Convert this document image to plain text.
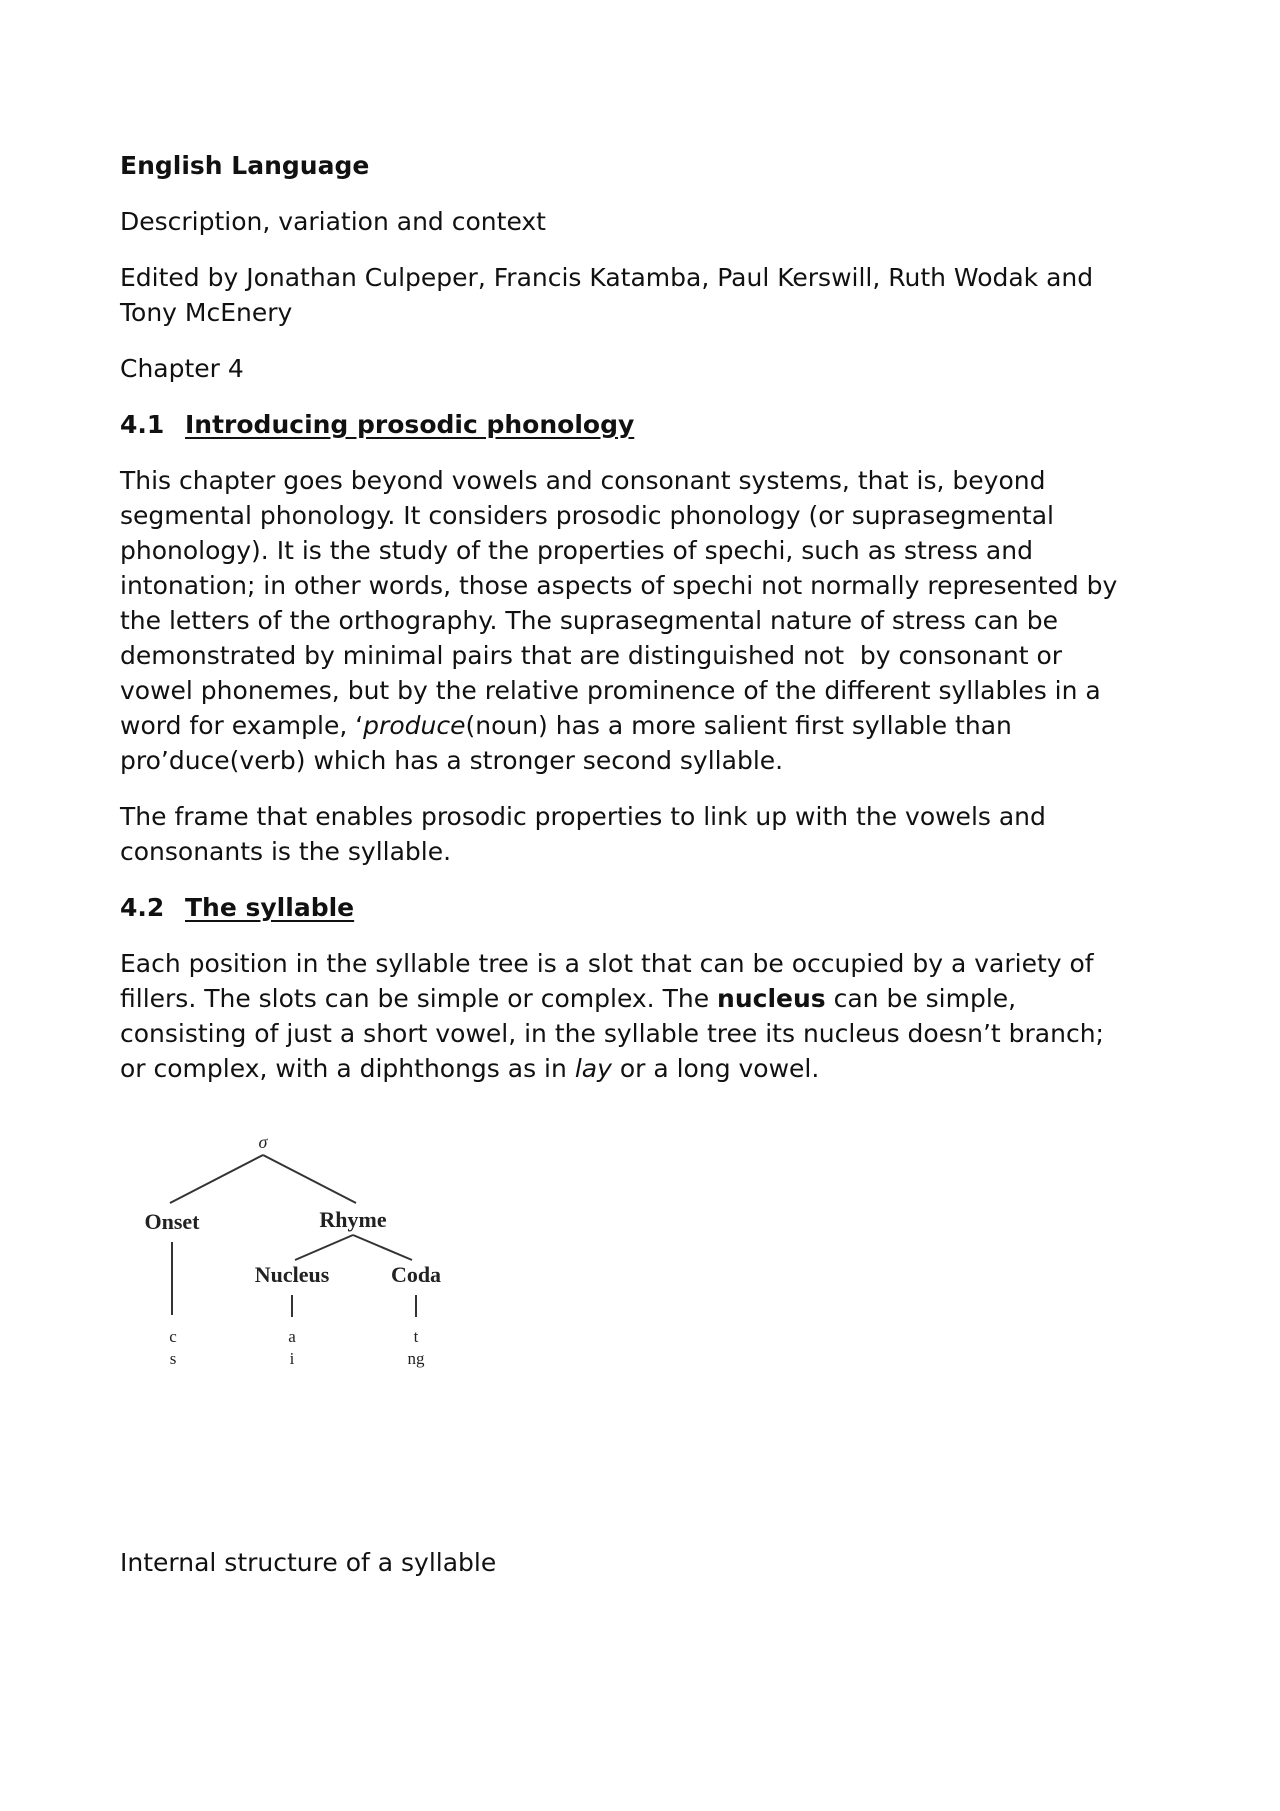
English Language

Description, variation and context

Edited by Jonathan Culpeper, Francis Katamba, Paul Kerswill, Ruth Wodak and

Tony McEnery

Chapter 4

4.1 Introducing prosodic phonology

This chapter goes beyond vowels and consonant systems, that is, beyond

segmental phonology. It considers prosodic phonology (or suprasegmental

phonology). It is the study of the properties of spechi, such as stress and

intonation; in other words, those aspects of spechi not normally represented by

the letters of the orthography. The suprasegmental nature of stress can be

demonstrated by minimal pairs that are distinguished not  by consonant or

vowel phonemes, but by the relative prominence of the different syllables in a

word for example, ‘produce(noun) has a more salient first syllable than

pro’duce(verb) which has a stronger second syllable.

The frame that enables prosodic properties to link up with the vowels and

consonants is the syllable.

4.2 The syllable

Each position in the syllable tree is a slot that can be occupied by a variety of

fillers. The slots can be simple or complex. The nucleus can be simple,

consisting of just a short vowel, in the syllable tree its nucleus doesn’t branch;

or complex, with a diphthongs as in lay or a long vowel.

σ
Onset	Rhyme
Nucleus	Coda
c
s
a
i
t
ng
Internal structure of a syllable
